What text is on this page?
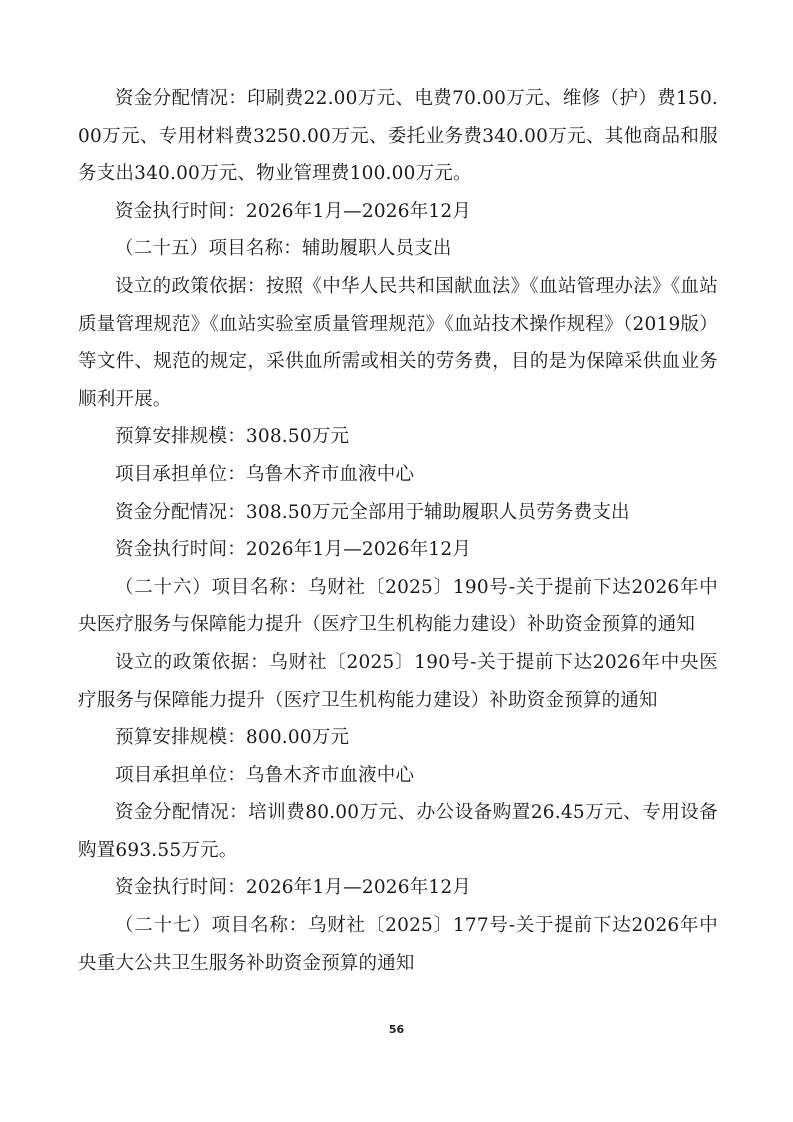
资金分配情况：印刷费22.00万元、电费70.00万元、维修（护）费150.00万元、专用材料费3250.00万元、委托业务费340.00万元、其他商品和服务支出340.00万元、物业管理费100.00万元。

资金执行时间：2026年1月—2026年12月

（二十五）项目名称：辅助履职人员支出

设立的政策依据：按照《中华人民共和国献血法》《血站管理办法》《血站质量管理规范》《血站实验室质量管理规范》《血站技术操作规程》（2019版）等文件、规范的规定，采供血所需或相关的劳务费，目的是为保障采供血业务顺利开展。

预算安排规模：308.50万元

项目承担单位：乌鲁木齐市血液中心

资金分配情况：308.50万元全部用于辅助履职人员劳务费支出

资金执行时间：2026年1月—2026年12月

（二十六）项目名称：乌财社〔2025〕190号-关于提前下达2026年中央医疗服务与保障能力提升（医疗卫生机构能力建设）补助资金预算的通知

设立的政策依据：乌财社〔2025〕190号-关于提前下达2026年中央医疗服务与保障能力提升（医疗卫生机构能力建设）补助资金预算的通知

预算安排规模：800.00万元

项目承担单位：乌鲁木齐市血液中心

资金分配情况：培训费80.00万元、办公设备购置26.45万元、专用设备购置693.55万元。

资金执行时间：2026年1月—2026年12月

（二十七）项目名称：乌财社〔2025〕177号-关于提前下达2026年中央重大公共卫生服务补助资金预算的通知

56
